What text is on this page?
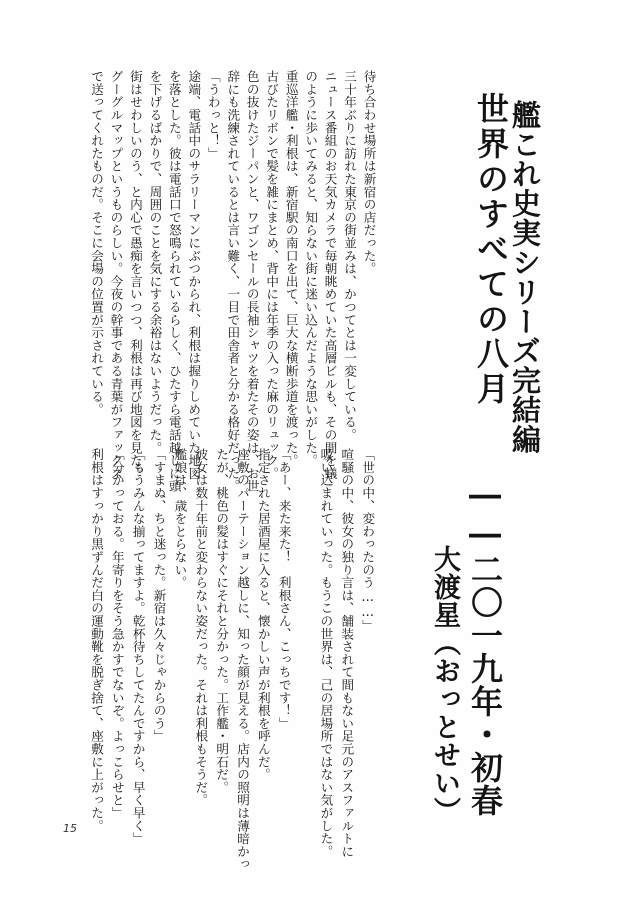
艦これ史実シリーズ完結編
世界のすべての八月
――二〇一九年・初春
大渡星（おっとせい）
待ち合わせ場所は新宿の店だった。
三十年ぶりに訪れた東京の街並みは、かつてとは一変している。
ニュース番組のお天気カメラで毎朝眺めていた高層ビルも、その間を蟻
のように歩いてみると、知らない街に迷い込んだような思いがした。
重巡洋艦・利根は、新宿駅の南口を出て、巨大な横断歩道を渡った。
古びたリボンで髪を雑にまとめ、背中には年季の入った麻のリュック。
色の抜けたジーパンと、ワゴンセールの長袖シャツを着たその姿は、お世
辞にも洗練されているとは言い難く、一目で田舎者と分かる格好だった。
「うわっと！」
途端、電話中のサラリーマンにぶつかられ、利根は握りしめていた地図
を落とした。彼は電話口で怒鳴られているらしく、ひたすら電話越しに頭
を下げるばかりで、周囲のことを気にする余裕はないようだった。
街はせわしいのう、と内心で愚痴を言いつつ、利根は再び地図を見た。
グーグルマップというものらしい。今夜の幹事である青葉がファックス
で送ってくれたものだ。そこに会場の位置が示されている。
「世の中、変わったのう……」
喧騒の中、彼女の独り言は、舗装されて間もない足元のアスファルトに
吸い込まれていった。もうこの世界は、己の居場所ではない気がした。
「あー、来た来た！　利根さん、こっちです！」
指定された居酒屋に入ると、懐かしい声が利根を呼んだ。
座敷のパーテーション越しに、知った顔が見える。店内の照明は薄暗かっ
たが、桃色の髪はすぐにそれと分かった。工作艦・明石だ。
彼女は数十年前と変わらない姿だった。それは利根もそうだ。
艦娘は、歳をとらない。
「すまぬ、ちと迷った。新宿は久々じゃからのう」
「もうみんな揃ってますよ。乾杯待ちしてたんですから、早く早く」
「分かっておる。年寄りをそう急かすでないぞ。よっこらせと」
利根はすっかり黒ずんだ白の運動靴を脱ぎ捨て、座敷に上がった。
15
